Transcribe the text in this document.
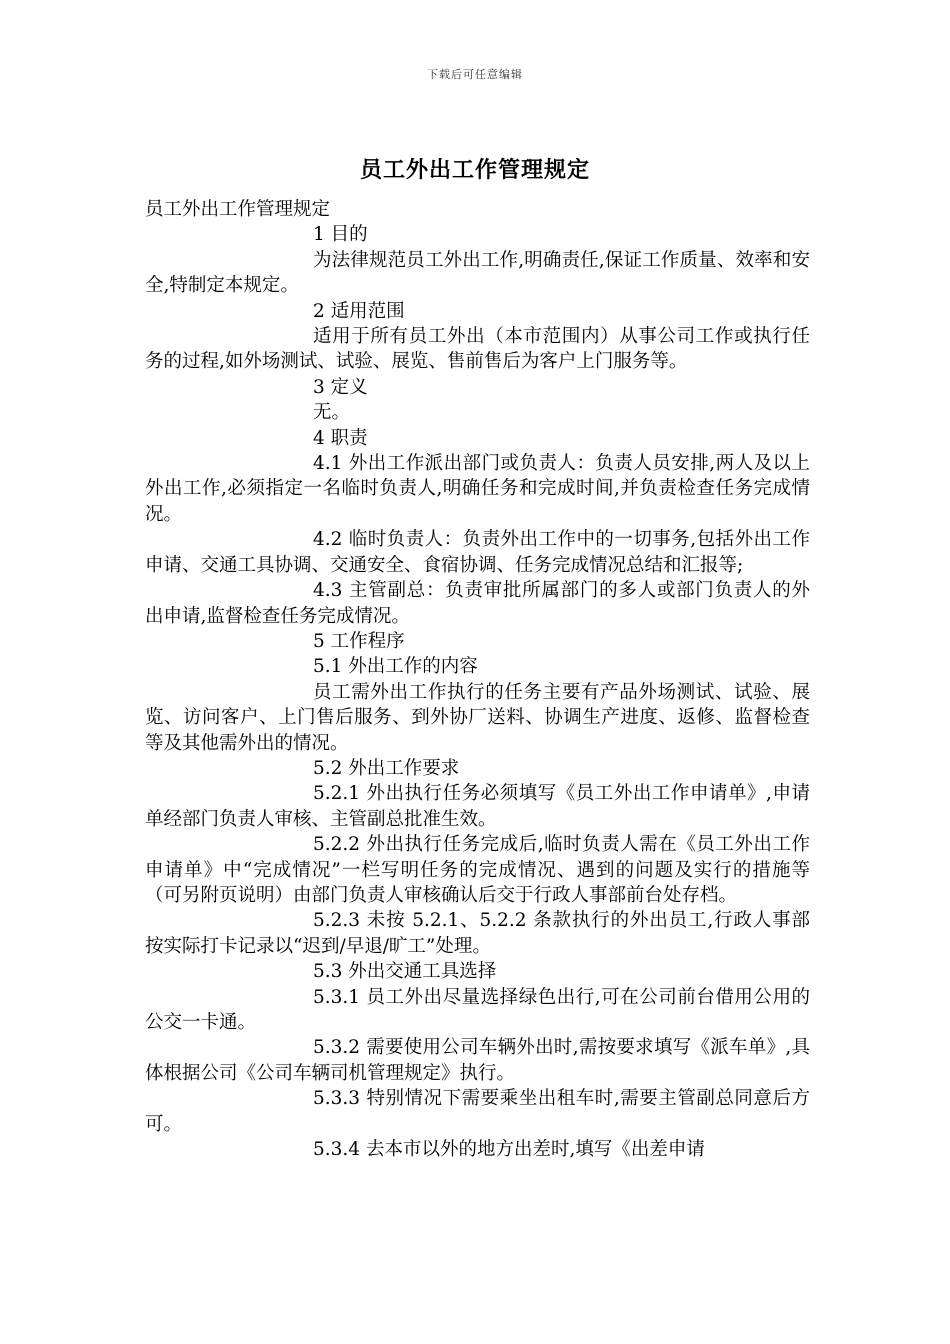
下载后可任意编辑
员工外出工作管理规定

员工外出工作管理规定

1 目的

为法律规范员工外出工作,明确责任,保证工作质量、效率和安全,特制定本规定。

2 适用范围

适用于所有员工外出（本市范围内）从事公司工作或执行任务的过程,如外场测试、试验、展览、售前售后为客户上门服务等。

3 定义

无。

4 职责

4.1 外出工作派出部门或负责人：负责人员安排,两人及以上外出工作,必须指定一名临时负责人,明确任务和完成时间,并负责检查任务完成情况。

4.2 临时负责人：负责外出工作中的一切事务,包括外出工作申请、交通工具协调、交通安全、食宿协调、任务完成情况总结和汇报等;

4.3 主管副总：负责审批所属部门的多人或部门负责人的外出申请,监督检查任务完成情况。

5 工作程序

5.1 外出工作的内容

员工需外出工作执行的任务主要有产品外场测试、试验、展览、访问客户、上门售后服务、到外协厂送料、协调生产进度、返修、监督检查等及其他需外出的情况。

5.2 外出工作要求

5.2.1 外出执行任务必须填写《员工外出工作申请单》,申请单经部门负责人审核、主管副总批准生效。

5.2.2 外出执行任务完成后,临时负责人需在《员工外出工作申请单》中“完成情况”一栏写明任务的完成情况、遇到的问题及实行的措施等（可另附页说明）由部门负责人审核确认后交于行政人事部前台处存档。

5.2.3 未按 5.2.1、5.2.2 条款执行的外出员工,行政人事部按实际打卡记录以“迟到/早退/旷工”处理。

5.3 外出交通工具选择

5.3.1 员工外出尽量选择绿色出行,可在公司前台借用公用的公交一卡通。

5.3.2 需要使用公司车辆外出时,需按要求填写《派车单》,具体根据公司《公司车辆司机管理规定》执行。

5.3.3 特别情况下需要乘坐出租车时,需要主管副总同意后方可。

5.3.4 去本市以外的地方出差时,填写《出差申请
